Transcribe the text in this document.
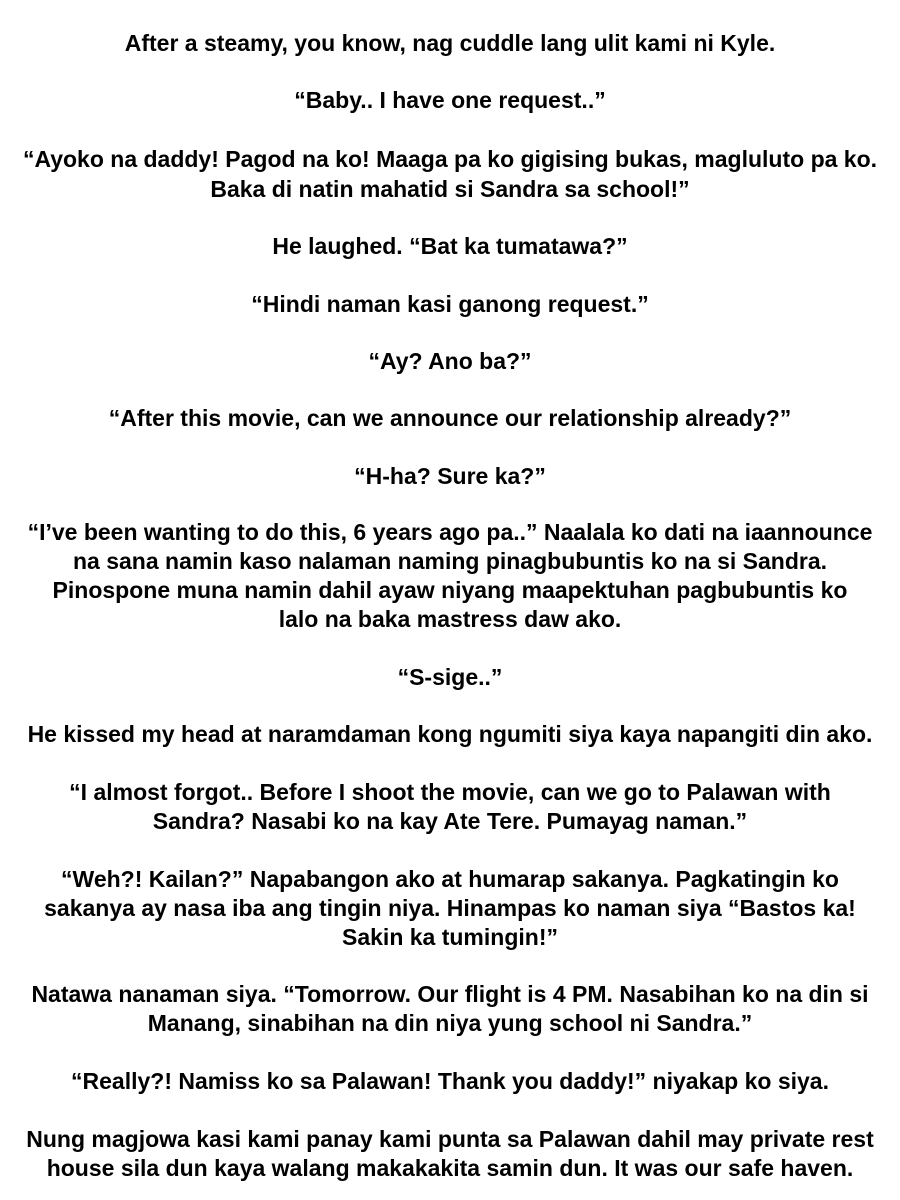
After a steamy, you know, nag cuddle lang ulit kami ni Kyle.
“Baby.. I have one request..”
“Ayoko na daddy! Pagod na ko! Maaga pa ko gigising bukas, magluluto pa ko.
Baka di natin mahatid si Sandra sa school!”
He laughed. “Bat ka tumatawa?”
“Hindi naman kasi ganong request.”
“Ay? Ano ba?”
“After this movie, can we announce our relationship already?”
“H-ha? Sure ka?”
“I’ve been wanting to do this, 6 years ago pa..” Naalala ko dati na iaannounce
na sana namin kaso nalaman naming pinagbubuntis ko na si Sandra.
Pinospone muna namin dahil ayaw niyang maapektuhan pagbubuntis ko
lalo na baka mastress daw ako.
“S-sige..”
He kissed my head at naramdaman kong ngumiti siya kaya napangiti din ako.
“I almost forgot.. Before I shoot the movie, can we go to Palawan with
Sandra? Nasabi ko na kay Ate Tere. Pumayag naman.”
“Weh?! Kailan?” Napabangon ako at humarap sakanya. Pagkatingin ko
sakanya ay nasa iba ang tingin niya. Hinampas ko naman siya “Bastos ka!
Sakin ka tumingin!”
Natawa nanaman siya. “Tomorrow. Our flight is 4 PM. Nasabihan ko na din si
Manang, sinabihan na din niya yung school ni Sandra.”
“Really?! Namiss ko sa Palawan! Thank you daddy!” niyakap ko siya.
Nung magjowa kasi kami panay kami punta sa Palawan dahil may private rest
house sila dun kaya walang makakakita samin dun. It was our safe haven.
